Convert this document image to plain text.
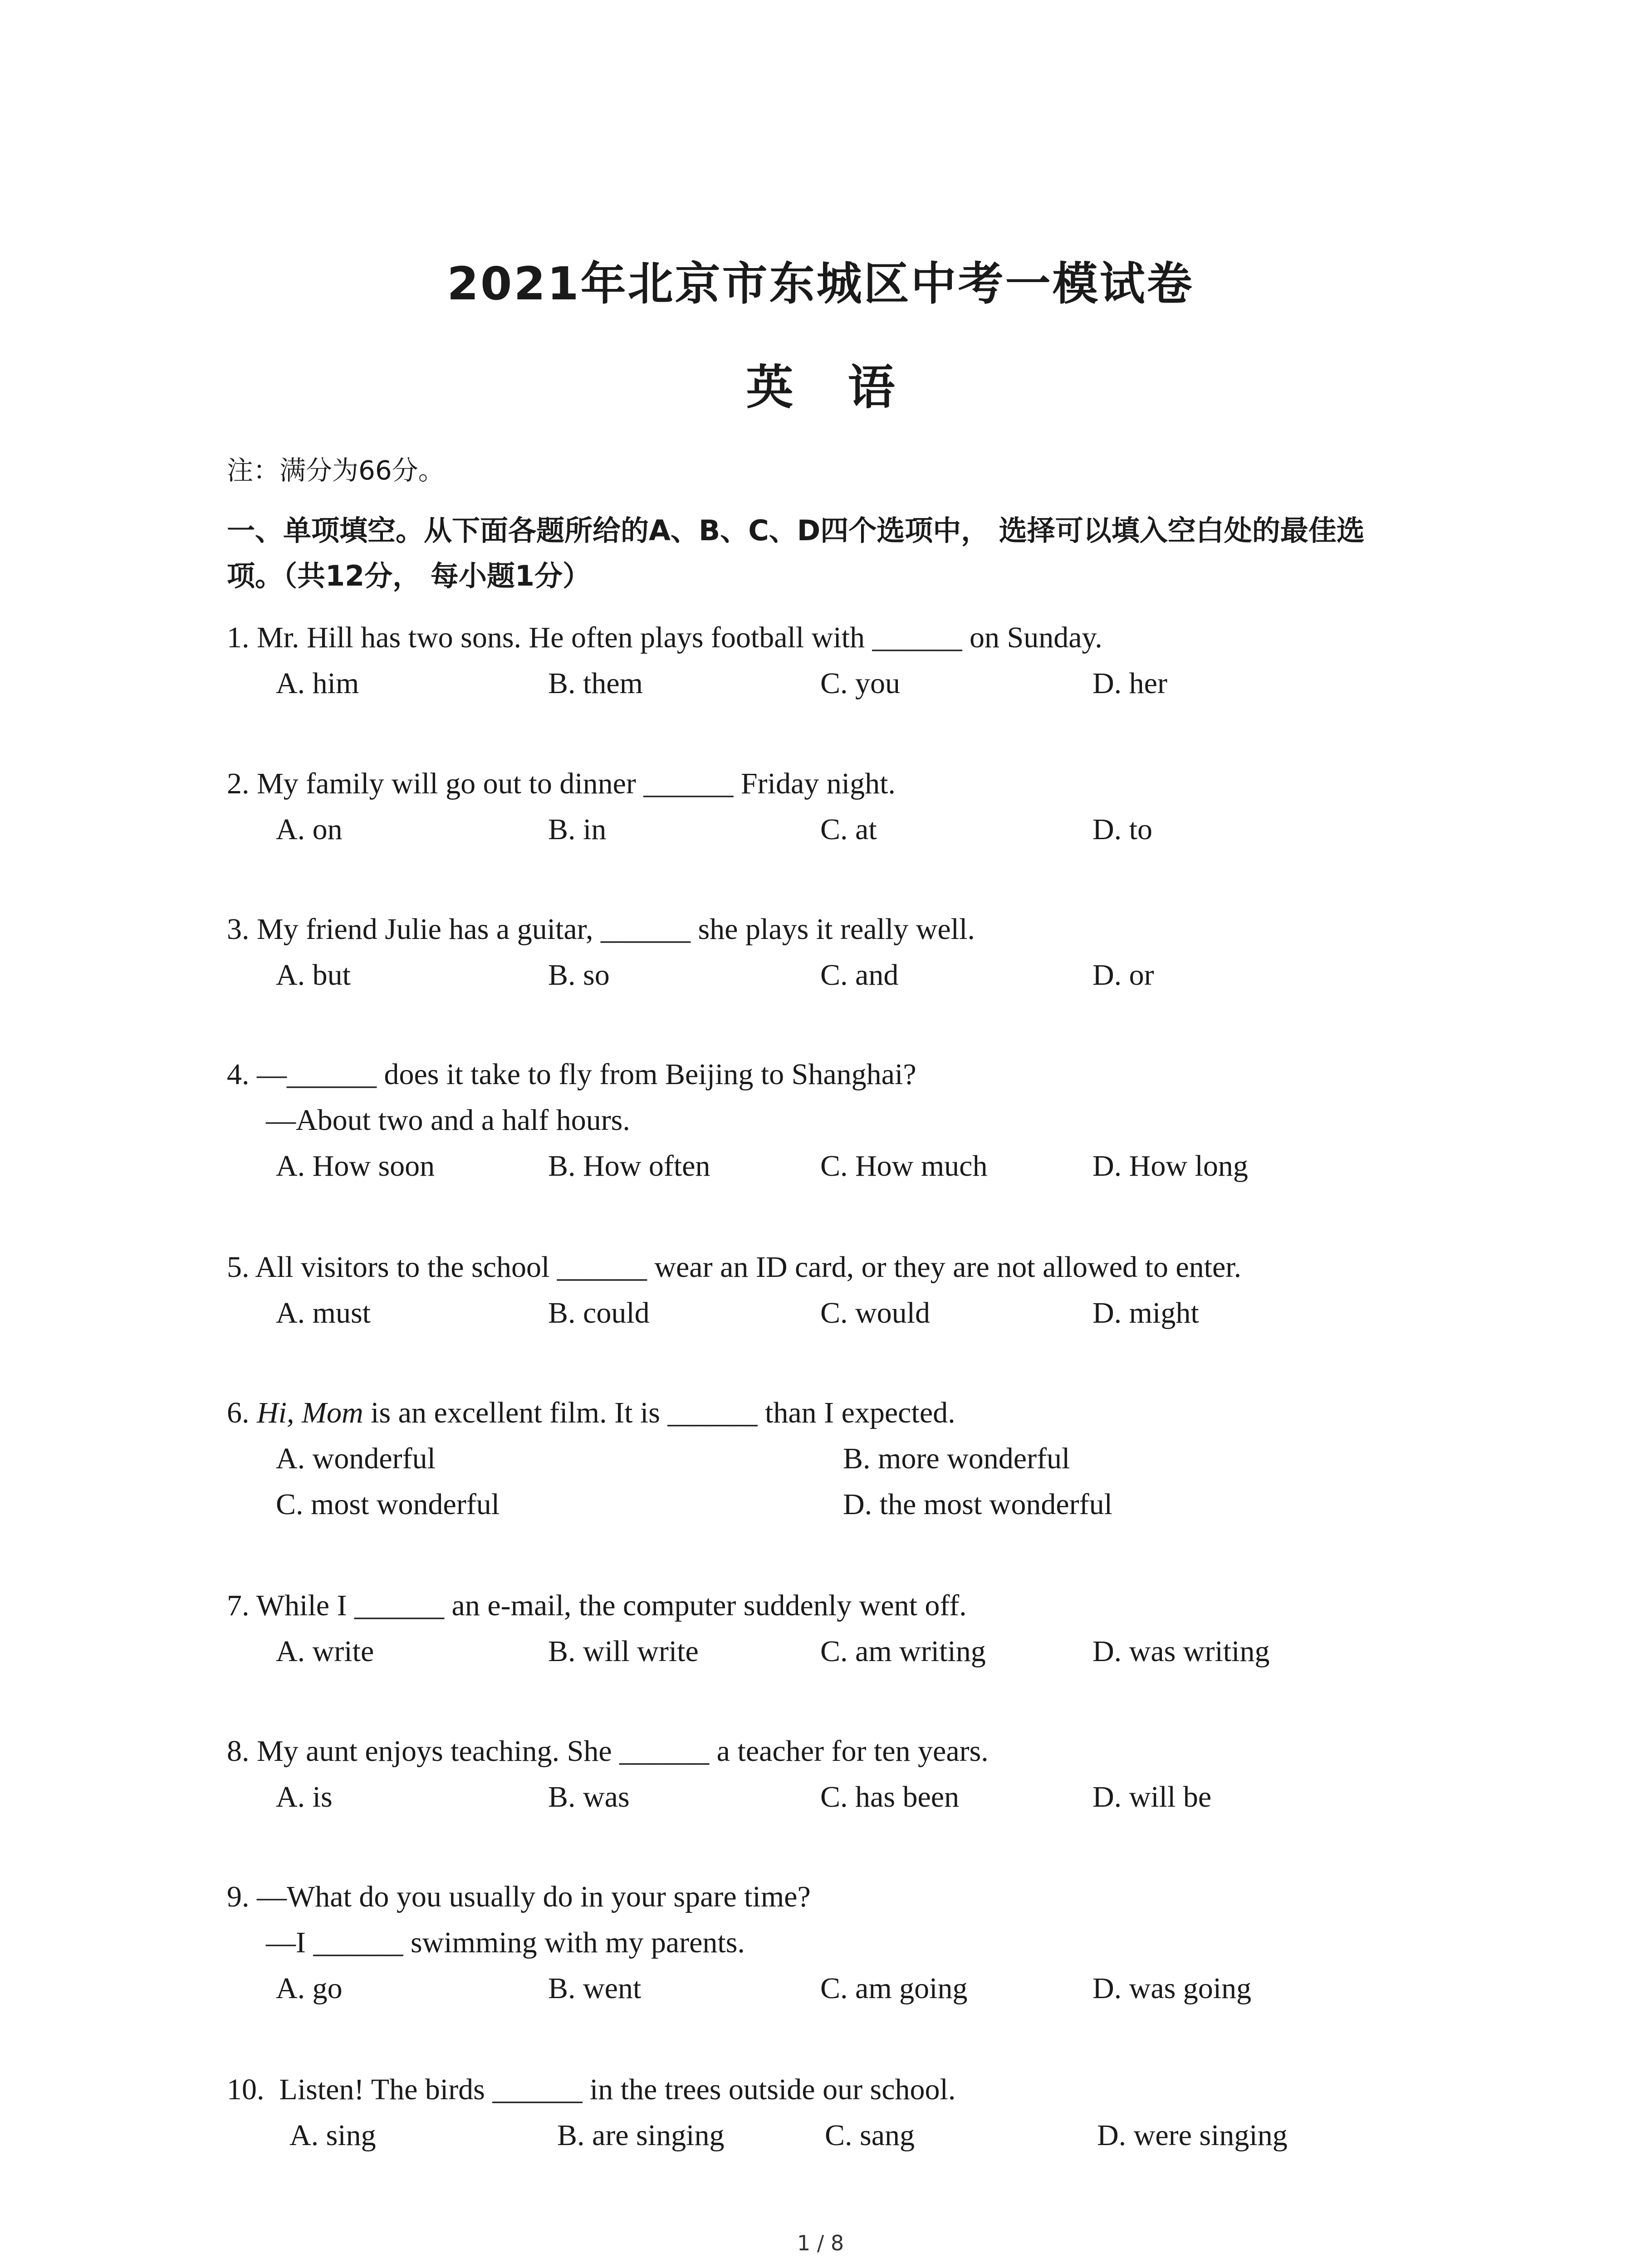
2021年北京市东城区中考一模试卷
英语
注：满分为66分。
一、单项填空。从下面各题所给的A、B、C、D四个选项中， 选择可以填入空白处的最佳选
项。（共12分， 每小题1分）
1. Mr. Hill has two sons. He often plays football with ______ on Sunday.
A. him	B. them	C. you	D. her
2. My family will go out to dinner ______ Friday night.
A. on	B. in	C. at	D. to
3. My friend Julie has a guitar, ______ she plays it really well.
A. but	B. so	C. and	D. or
4. —______ does it take to fly from Beijing to Shanghai?
—About two and a half hours.
A. How soon	B. How often	C. How much	D. How long
5. All visitors to the school ______ wear an ID card, or they are not allowed to enter.
A. must	B. could	C. would	D. might
6. Hi, Mom is an excellent film. It is ______ than I expected.
A. wonderful	B. more wonderful
C. most wonderful	D. the most wonderful
7. While I ______ an e-mail, the computer suddenly went off.
A. write	B. will write	C. am writing	D. was writing
8. My aunt enjoys teaching. She ______ a teacher for ten years.
A. is	B. was	C. has been	D. will be
9. —What do you usually do in your spare time?
—I ______ swimming with my parents.
A. go	B. went	C. am going	D. was going
10. Listen! The birds ______ in the trees outside our school.
A. sing	B. are singing	C. sang	D. were singing
1 / 8
